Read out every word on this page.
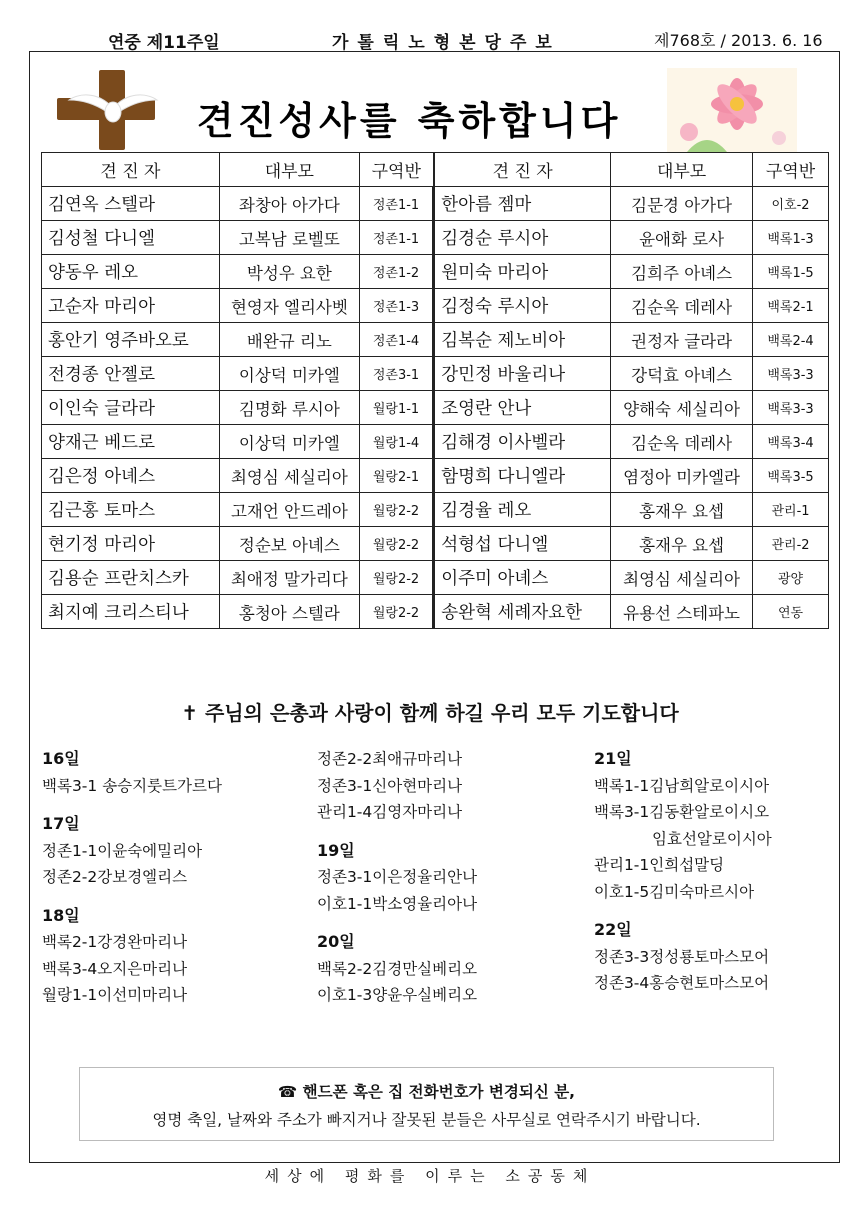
연중 제11주일	가톨릭노형본당주보	제768호 / 2013. 6. 16
견진성사를 축하합니다
견 진 자	대부모	구역반		견 진 자	대부모	구역반
김연옥 스텔라	좌창아 아가다	정존1-1		한아름 젬마	김문경 아가다	이호-2
김성철 다니엘	고복남 로벨또	정존1-1		김경순 루시아	윤애화 로사	백록1-3
양동우 레오	박성우 요한	정존1-2		원미숙 마리아	김희주 아녜스	백록1-5
고순자 마리아	현영자 엘리사벳	정존1-3		김정숙 루시아	김순옥 데레사	백록2-1
홍안기 영주바오로	배완규 리노	정존1-4		김복순 제노비아	권정자 글라라	백록2-4
전경종 안젤로	이상덕 미카엘	정존3-1		강민정 바울리나	강덕효 아녜스	백록3-3
이인숙 글라라	김명화 루시아	월랑1-1		조영란 안나	양해숙 세실리아	백록3-3
양재근 베드로	이상덕 미카엘	월랑1-4		김해경 이사벨라	김순옥 데레사	백록3-4
김은정 아녜스	최영심 세실리아	월랑2-1		함명희 다니엘라	염정아 미카엘라	백록3-5
김근홍 토마스	고재언 안드레아	월랑2-2		김경율 레오	홍재우 요셉	관리-1
현기정 마리아	정순보 아녜스	월랑2-2		석형섭 다니엘	홍재우 요셉	관리-2
김용순 프란치스카	최애정 말가리다	월랑2-2		이주미 아녜스	최영심 세실리아	광양
최지예 크리스티나	홍청아 스텔라	월랑2-2		송완혁 세례자요한	유용선 스테파노	연동
✝ 주님의 은총과 사랑이 함께 하길 우리 모두 기도합니다
16일
백록3-1 송승지룻트가르다
17일
정존1-1이윤숙에밀리아
정존2-2강보경엘리스
18일
백록2-1강경완마리나
백록3-4오지은마리나
월랑1-1이선미마리나
정존2-2최애규마리나
정존3-1신아현마리나
관리1-4김영자마리나
19일
정존3-1이은정율리안나
이호1-1박소영율리아나
20일
백록2-2김경만실베리오
이호1-3양윤우실베리오
21일
백록1-1김남희알로이시아
백록3-1김동환알로이시오
임효선알로이시아
관리1-1인희섭말딩
이호1-5김미숙마르시아
22일
정존3-3정성룡토마스모어
정존3-4홍승현토마스모어
☎ 핸드폰 혹은 집 전화번호가 변경되신 분,
영명 축일, 날짜와 주소가 빠지거나 잘못된 분들은 사무실로 연락주시기 바랍니다.
세상에 평화를 이루는 소공동체
